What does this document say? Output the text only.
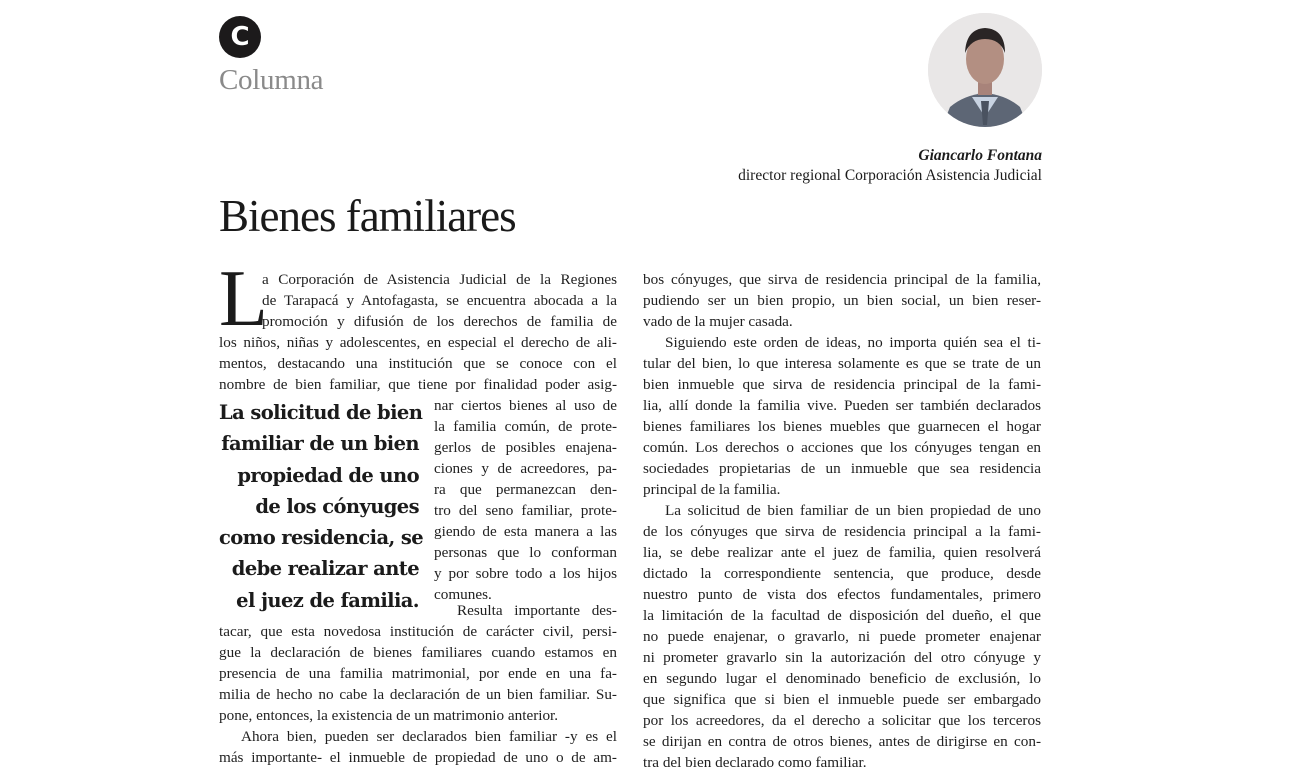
C
Columna
Giancarlo Fontana
director regional Corporación Asistencia Judicial
Bienes familiares
L
a Corporación de Asistencia Judicial de la Regiones
de Tarapacá y Antofagasta, se encuentra abocada a la
promoción y difusión de los derechos de familia de
los niños, niñas y adolescentes, en especial el derecho de ali-
mentos, destacando una institución que se conoce con el
nombre de bien familiar, que tiene por finalidad poder asig-
La solicitud de bien
familiar de un bien
propiedad de uno
de los cónyuges
como residencia, se
debe realizar ante
el juez de familia.
nar ciertos bienes al uso de
la familia común, de prote-
gerlos de posibles enajena-
ciones y de acreedores, pa-
ra que permanezcan den-
tro del seno familiar, prote-
giendo de esta manera a las
personas que lo conforman
y por sobre todo a los hijos
comunes.
Resulta importante des-
tacar, que esta novedosa institución de carácter civil, persi-
gue la declaración de bienes familiares cuando estamos en
presencia de una familia matrimonial, por ende en una fa-
milia de hecho no cabe la declaración de un bien familiar. Su-
pone, entonces, la existencia de un matrimonio anterior.
Ahora bien, pueden ser declarados bien familiar -y es el
más importante- el inmueble de propiedad de uno o de am-
bos cónyuges, que sirva de residencia principal de la familia,
pudiendo ser un bien propio, un bien social, un bien reser-
vado de la mujer casada.
Siguiendo este orden de ideas, no importa quién sea el ti-
tular del bien, lo que interesa solamente es que se trate de un
bien inmueble que sirva de residencia principal de la fami-
lia, allí donde la familia vive. Pueden ser también declarados
bienes familiares los bienes muebles que guarnecen el hogar
común. Los derechos o acciones que los cónyuges tengan en
sociedades propietarias de un inmueble que sea residencia
principal de la familia.
La solicitud de bien familiar de un bien propiedad de uno
de los cónyuges que sirva de residencia principal a la fami-
lia, se debe realizar ante el juez de familia, quien resolverá
dictado la correspondiente sentencia, que produce, desde
nuestro punto de vista dos efectos fundamentales, primero
la limitación de la facultad de disposición del dueño, el que
no puede enajenar, o gravarlo, ni puede prometer enajenar
ni prometer gravarlo sin la autorización del otro cónyuge y
en segundo lugar el denominado beneficio de exclusión, lo
que significa que si bien el inmueble puede ser embargado
por los acreedores, da el derecho a solicitar que los terceros
se dirijan en contra de otros bienes, antes de dirigirse en con-
tra del bien declarado como familiar.
